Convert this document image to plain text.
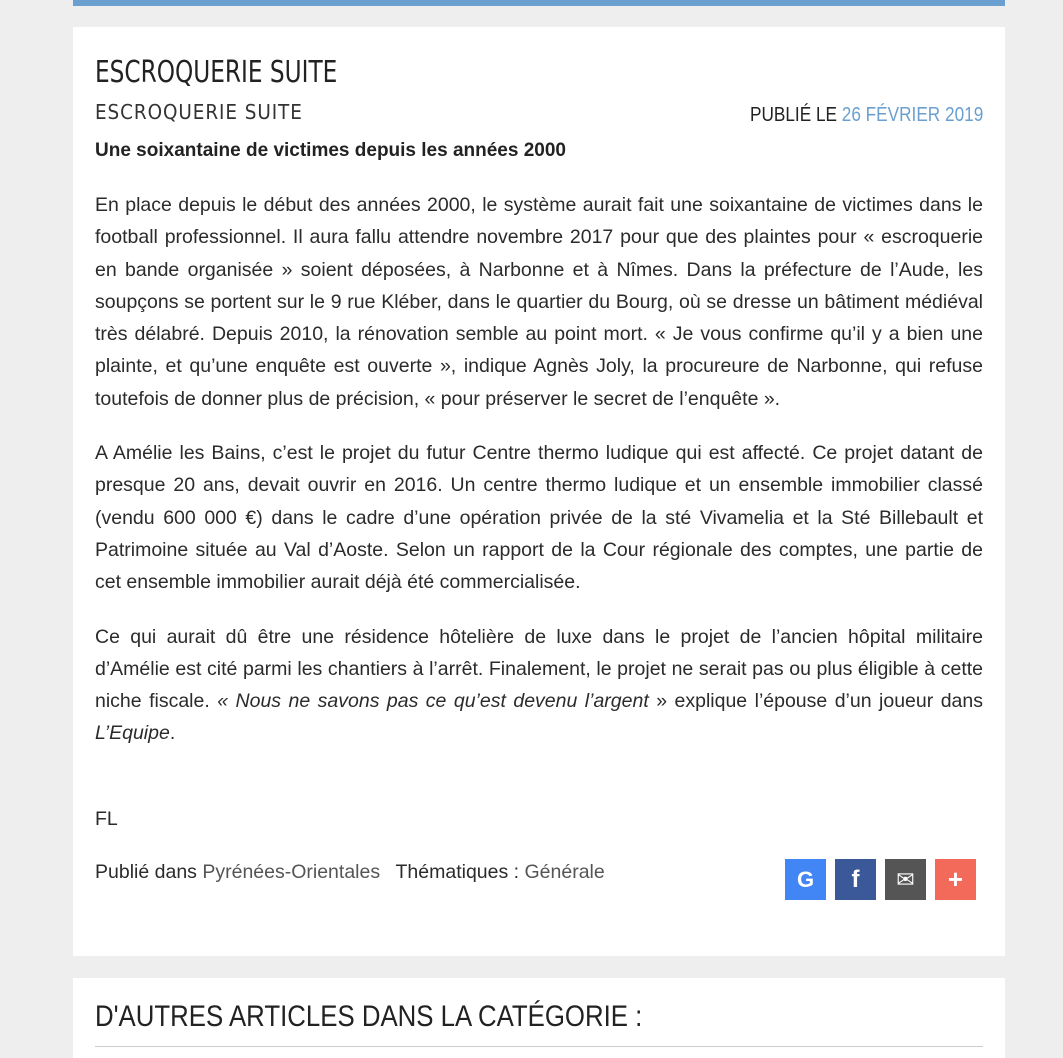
ESCROQUERIE SUITE
ESCROQUERIE SUITE	PUBLIÉ LE 26 FÉVRIER 2019
Une soixantaine de victimes depuis les années 2000

En place depuis le début des années 2000, le système aurait fait une soixantaine de victimes dans le football professionnel. Il aura fallu attendre novembre 2017 pour que des plaintes pour « escroquerie en bande organisée » soient déposées, à Narbonne et à Nîmes. Dans la préfecture de l’Aude, les soupçons se portent sur le 9 rue Kléber, dans le quartier du Bourg, où se dresse un bâtiment médiéval très délabré. Depuis 2010, la rénovation semble au point mort. « Je vous confirme qu’il y a bien une plainte, et qu’une enquête est ouverte », indique Agnès Joly, la procureure de Narbonne, qui refuse toutefois de donner plus de précision, « pour préserver le secret de l’enquête ».

A Amélie les Bains, c’est le projet du futur Centre thermo ludique qui est affecté. Ce projet datant de presque 20 ans, devait ouvrir en 2016. Un centre thermo ludique et un ensemble immobilier classé (vendu 600 000 €) dans le cadre d’une opération privée de la sté Vivamelia et la Sté Billebault et Patrimoine située au Val d’Aoste. Selon un rapport de la Cour régionale des comptes, une partie de cet ensemble immobilier aurait déjà été commercialisée.

Ce qui aurait dû être une résidence hôtelière de luxe dans le projet de l’ancien hôpital militaire d’Amélie est cité parmi les chantiers à l’arrêt. Finalement, le projet ne serait pas ou plus éligible à cette niche fiscale. « Nous ne savons pas ce qu’est devenu l’argent » explique l’épouse d’un joueur dans L’Equipe.

FL
Publié dans Pyrénées-Orientales Thématiques : Générale	G f ✉ +
D'AUTRES ARTICLES DANS LA CATÉGORIE :
